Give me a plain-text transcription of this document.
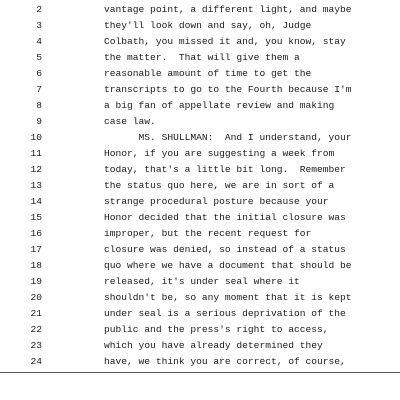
2	vantage point, a different light, and maybe
3	they'll look down and say, oh, Judge
4	Colbath, you missed it and, you know, stay
5	the matter.  That will give them a
6	reasonable amount of time to get the
7	transcripts to go to the Fourth because I'm
8	a big fan of appellate review and making
9	case law.
10	MS. SHULLMAN:  And I understand, your
11	Honor, if you are suggesting a week from
12	today, that's a little bit long.  Remember
13	the status quo here, we are in sort of a
14	strange procedural posture because your
15	Honor decided that the initial closure was
16	improper, but the recent request for
17	closure was denied, so instead of a status
18	quo where we have a document that should be
19	released, it's under seal where it
20	shouldn't be, so any moment that it is kept
21	under seal is a serious deprivation of the
22	public and the press's right to access,
23	which you have already determined they
24	have, we think you are correct, of course,
